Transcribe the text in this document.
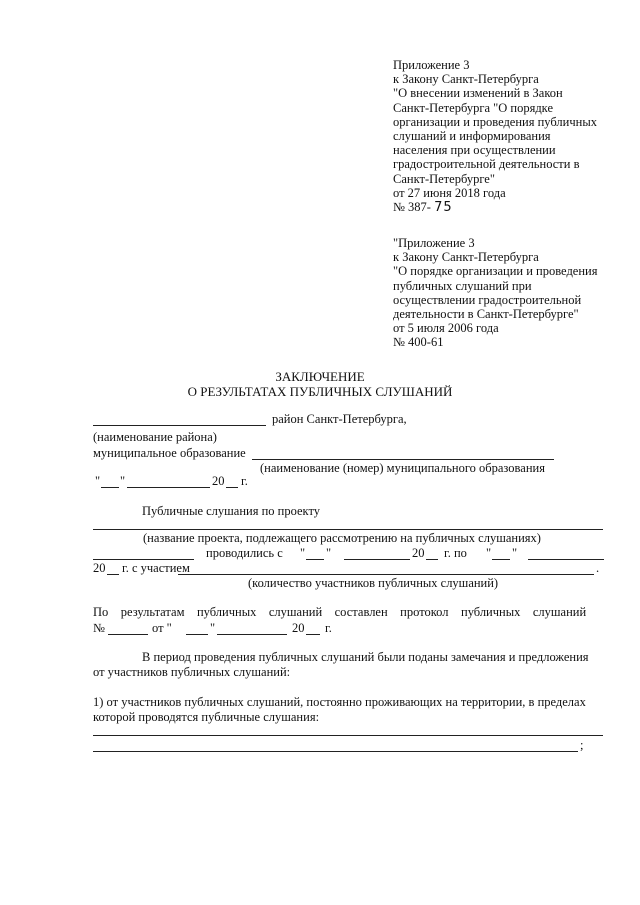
Приложение 3
к Закону Санкт-Петербурга
"О внесении изменений в Закон
Санкт-Петербурга "О порядке
организации и проведения публичных
слушаний и информирования
населения при осуществлении
градостроительной деятельности в
Санкт-Петербурге"
от 27 июня 2018 года
№ 387- 75
"Приложение 3
к Закону Санкт-Петербурга
"О порядке организации и проведения
публичных слушаний при
осуществлении градостроительной
деятельности в Санкт-Петербурге"
от 5 июля 2006 года
№ 400-61
ЗАКЛЮЧЕНИЕ
О РЕЗУЛЬТАТАХ ПУБЛИЧНЫХ СЛУШАНИЙ
район Санкт-Петербурга,
(наименование района)
муниципальное образование
(наименование (номер) муниципального образования
" "	20 г.
Публичные слушания по проекту
(название проекта, подлежащего рассмотрению на публичных слушаниях)
проводились с " "	20 г. по " "
20 г. с участием	.
(количество участников публичных слушаний)
По    результатам    публичных    слушаний    составлен    протокол    публичных    слушаний
№	от "	"	20 г.
В период проведения публичных слушаний были поданы замечания и предложения
от участников публичных слушаний:
1) от участников публичных слушаний, постоянно проживающих на территории, в пределах
которой проводятся публичные слушания:
;
